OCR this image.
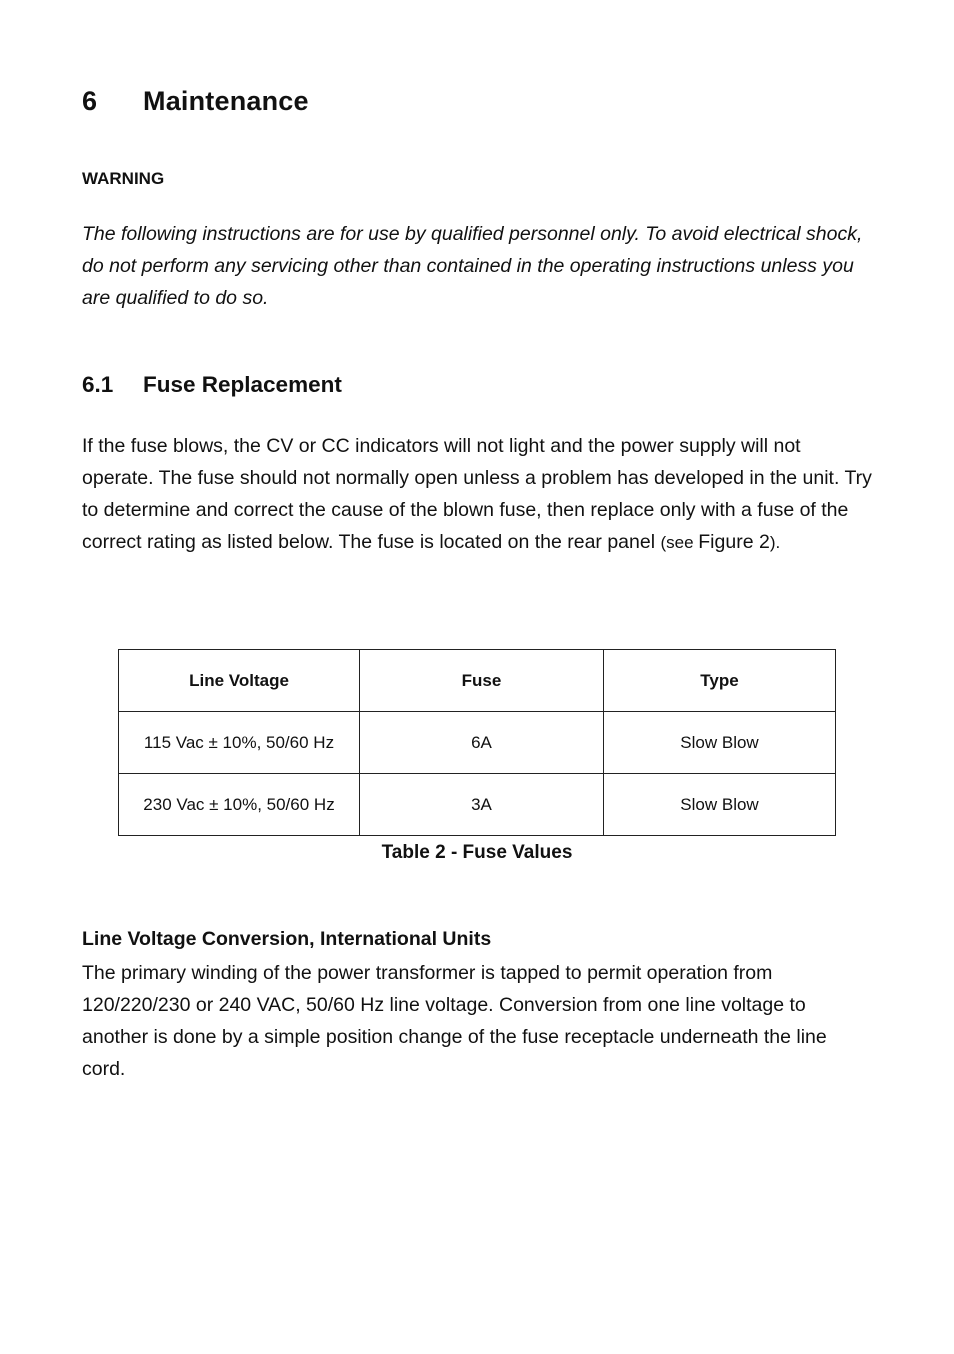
6 Maintenance
WARNING
The following instructions are for use by qualified personnel only. To avoid electrical shock, do not perform any servicing other than contained in the operating instructions unless you are qualified to do so.
6.1 Fuse Replacement
If the fuse blows, the CV or CC indicators will not light and the power supply will not operate. The fuse should not normally open unless a problem has developed in the unit. Try to determine and correct the cause of the blown fuse, then replace only with a fuse of the correct rating as listed below. The fuse is located on the rear panel (see Figure 2).
Line Voltage	Fuse	Type
115 Vac ± 10%, 50/60 Hz	6A	Slow Blow
230 Vac ± 10%, 50/60 Hz	3A	Slow Blow
Table 2 - Fuse Values
Line Voltage Conversion, International Units
The primary winding of the power transformer is tapped to permit operation from 120/220/230 or 240 VAC, 50/60 Hz line voltage. Conversion from one line voltage to another is done by a simple position change of the fuse receptacle underneath the line cord.
